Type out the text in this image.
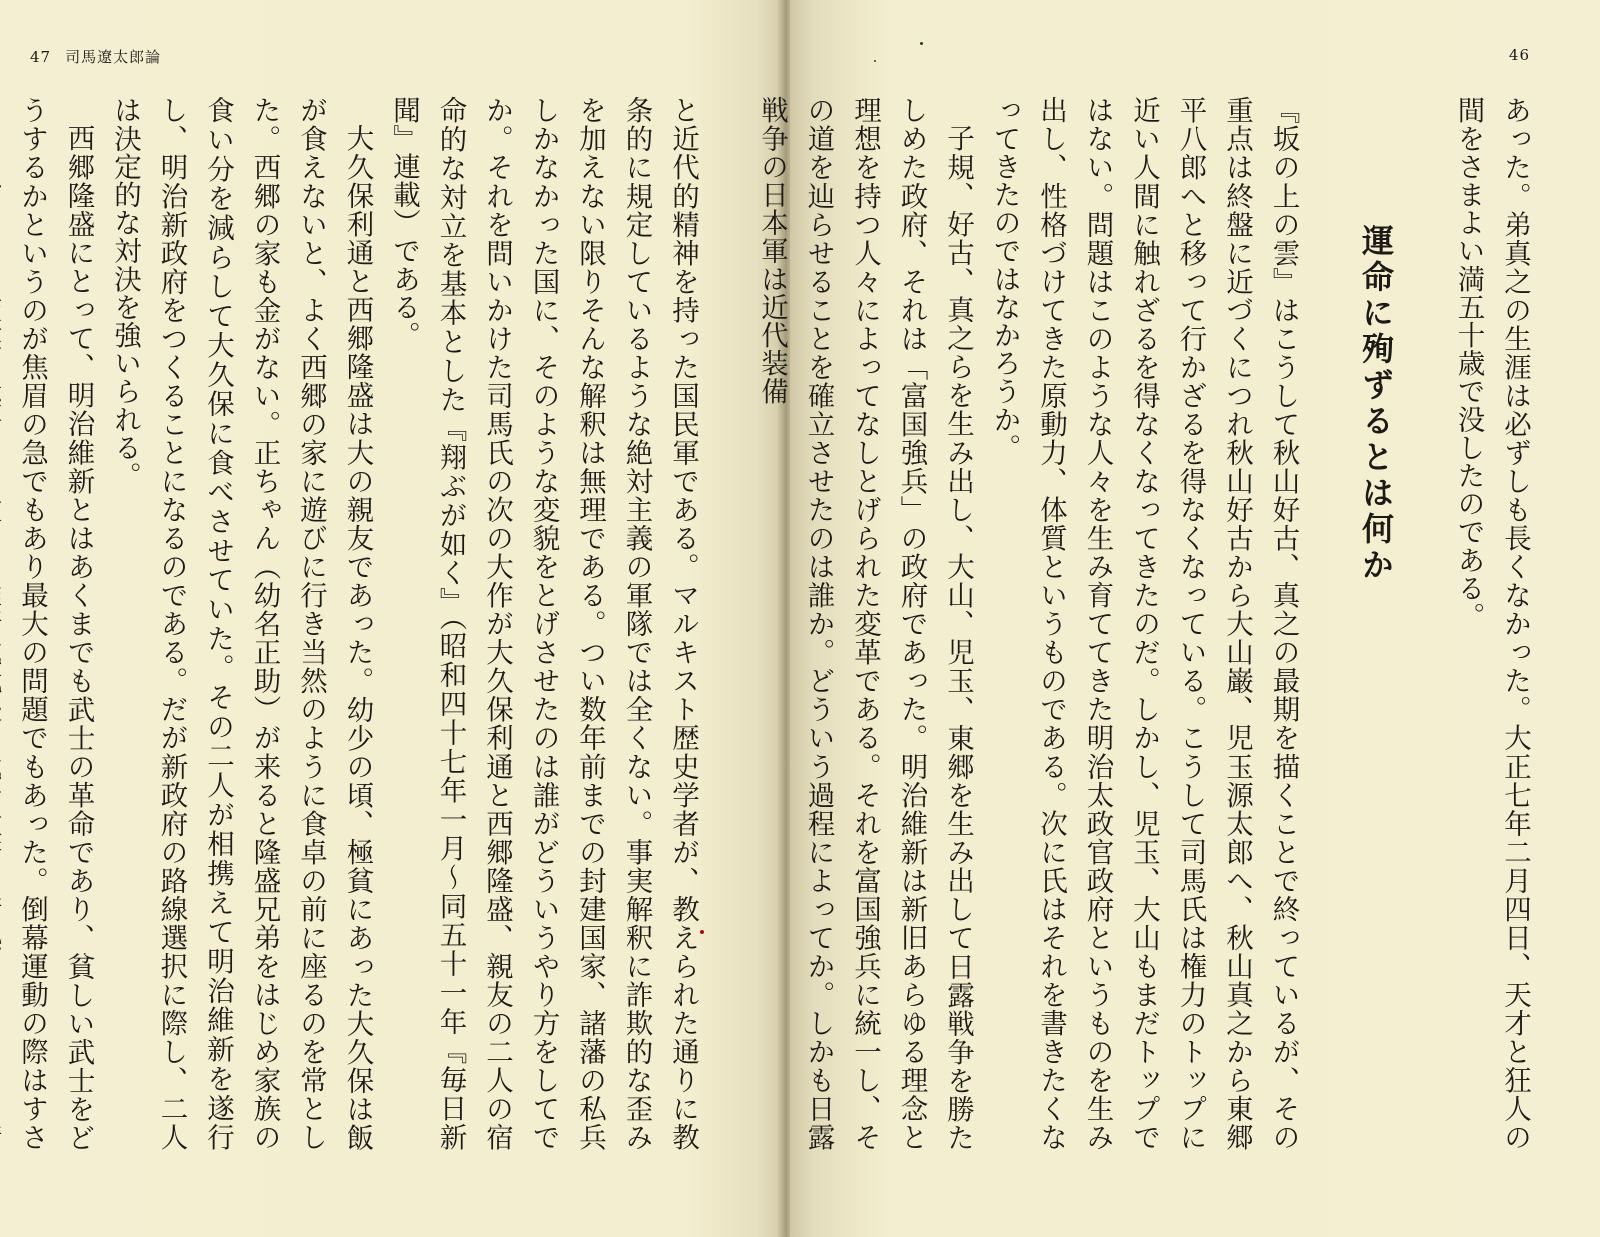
47 司馬遼太郎論

と近代的精神を持った国民軍である。マルキスト歴史学者が、教えられた通りに教条的に規定しているような絶対主義の軍隊では全くない。事実解釈に詐欺的な歪みを加えない限りそんな解釈は無理である。つい数年前までの封建国家、諸藩の私兵しかなかった国に、そのような変貌をとげさせたのは誰がどういうやり方をしてでか。それを問いかけた司馬氏の次の大作が大久保利通と西郷隆盛、親友の二人の宿命的な対立を基本とした『翔ぶが如く』（昭和四十七年一月〜同五十一年『毎日新聞』連載）である。

大久保利通と西郷隆盛は大の親友であった。幼少の頃、極貧にあった大久保は飯が食えないと、よく西郷の家に遊びに行き当然のように食卓の前に座るのを常とした。西郷の家も金がない。正ちゃん（幼名正助）が来ると隆盛兄弟をはじめ家族の食い分を減らして大久保に食べさせていた。その二人が相携えて明治維新を遂行し、明治新政府をつくることになるのである。だが新政府の路線選択に際し、二人は決定的な対決を強いられる。

西郷隆盛にとって、明治維新とはあくまでも武士の革命であり、貧しい武士をどうするかというのが焦眉の急でもあり最大の問題でもあった。倒幕運動の際はすさ

46

あった。弟真之の生涯は必ずしも長くなかった。大正七年二月四日、天才と狂人の間をさまよい満五十歳で没したのである。

運命に殉ずるとは何か

『坂の上の雲』はこうして秋山好古、真之の最期を描くことで終っているが、その重点は終盤に近づくにつれ秋山好古から大山巌、児玉源太郎へ、秋山真之から東郷平八郎へと移って行かざるを得なくなっている。こうして司馬氏は権力のトップに近い人間に触れざるを得なくなってきたのだ。しかし、児玉、大山もまだトップではない。問題はこのような人々を生み育ててきた明治太政官政府というものを生み出し、性格づけてきた原動力、体質というものである。次に氏はそれを書きたくなってきたのではなかろうか。

子規、好古、真之らを生み出し、大山、児玉、東郷を生み出して日露戦争を勝たしめた政府、それは「富国強兵」の政府であった。明治維新は新旧あらゆる理念と理想を持つ人々によってなしとげられた変革である。それを富国強兵に統一し、その道を辿らせることを確立させたのは誰か。どういう過程によってか。しかも日露戦争の日本軍は近代装備
